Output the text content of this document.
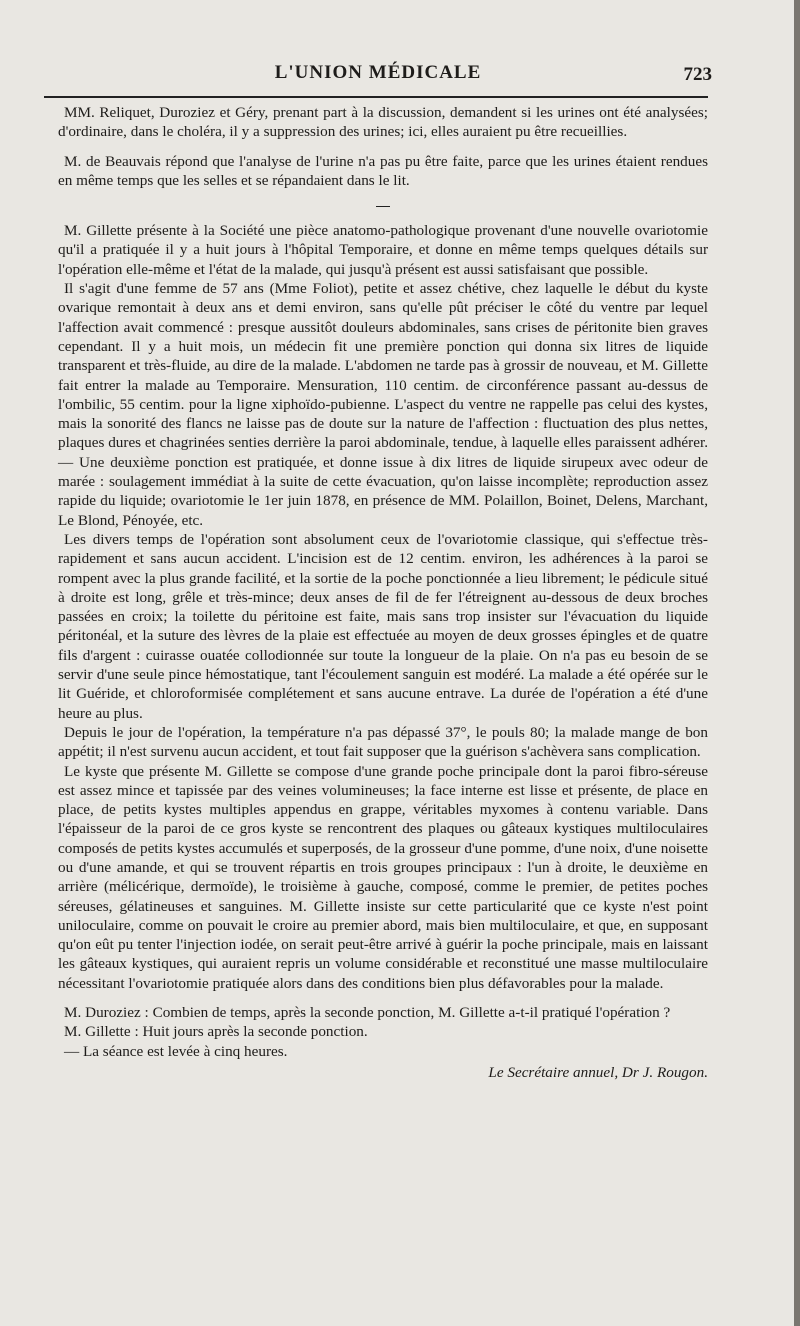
L'UNION MÉDICALE	723

MM. Reliquet, Duroziez et Géry, prenant part à la discussion, demandent si les urines ont été analysées; d'ordinaire, dans le choléra, il y a suppression des urines; ici, elles auraient pu être recueillies.

M. de Beauvais répond que l'analyse de l'urine n'a pas pu être faite, parce que les urines étaient rendues en même temps que les selles et se répandaient dans le lit.

M. Gillette présente à la Société une pièce anatomo-pathologique provenant d'une nouvelle ovariotomie qu'il a pratiquée il y a huit jours à l'hôpital Temporaire, et donne en même temps quelques détails sur l'opération elle-même et l'état de la malade, qui jusqu'à présent est aussi satisfaisant que possible.

Il s'agit d'une femme de 57 ans (Mme Foliot), petite et assez chétive, chez laquelle le début du kyste ovarique remontait à deux ans et demi environ, sans qu'elle pût préciser le côté du ventre par lequel l'affection avait commencé : presque aussitôt douleurs abdominales, sans crises de péritonite bien graves cependant. Il y a huit mois, un médecin fit une première ponction qui donna six litres de liquide transparent et très-fluide, au dire de la malade. L'abdomen ne tarde pas à grossir de nouveau, et M. Gillette fait entrer la malade au Temporaire. Mensuration, 110 centim. de circonférence passant au-dessus de l'ombilic, 55 centim. pour la ligne xiphoïdo-pubienne. L'aspect du ventre ne rappelle pas celui des kystes, mais la sonorité des flancs ne laisse pas de doute sur la nature de l'affection : fluctuation des plus nettes, plaques dures et chagrinées senties derrière la paroi abdominale, tendue, à laquelle elles paraissent adhérer. — Une deuxième ponction est pratiquée, et donne issue à dix litres de liquide sirupeux avec odeur de marée : soulagement immédiat à la suite de cette évacuation, qu'on laisse incomplète; reproduction assez rapide du liquide; ovariotomie le 1er juin 1878, en présence de MM. Polaillon, Boinet, Delens, Marchant, Le Blond, Pénoyée, etc.

Les divers temps de l'opération sont absolument ceux de l'ovariotomie classique, qui s'effectue très-rapidement et sans aucun accident. L'incision est de 12 centim. environ, les adhérences à la paroi se rompent avec la plus grande facilité, et la sortie de la poche ponctionnée a lieu librement; le pédicule situé à droite est long, grêle et très-mince; deux anses de fil de fer l'étreignent au-dessous de deux broches passées en croix; la toilette du péritoine est faite, mais sans trop insister sur l'évacuation du liquide péritonéal, et la suture des lèvres de la plaie est effectuée au moyen de deux grosses épingles et de quatre fils d'argent : cuirasse ouatée collodionnée sur toute la longueur de la plaie. On n'a pas eu besoin de se servir d'une seule pince hémostatique, tant l'écoulement sanguin est modéré. La malade a été opérée sur le lit Guéride, et chloroformisée complétement et sans aucune entrave. La durée de l'opération a été d'une heure au plus.

Depuis le jour de l'opération, la température n'a pas dépassé 37°, le pouls 80; la malade mange de bon appétit; il n'est survenu aucun accident, et tout fait supposer que la guérison s'achèvera sans complication.

Le kyste que présente M. Gillette se compose d'une grande poche principale dont la paroi fibro-séreuse est assez mince et tapissée par des veines volumineuses; la face interne est lisse et présente, de place en place, de petits kystes multiples appendus en grappe, véritables myxomes à contenu variable. Dans l'épaisseur de la paroi de ce gros kyste se rencontrent des plaques ou gâteaux kystiques multiloculaires composés de petits kystes accumulés et superposés, de la grosseur d'une pomme, d'une noix, d'une noisette ou d'une amande, et qui se trouvent répartis en trois groupes principaux : l'un à droite, le deuxième en arrière (mélicérique, dermoïde), le troisième à gauche, composé, comme le premier, de petites poches séreuses, gélatineuses et sanguines. M. Gillette insiste sur cette particularité que ce kyste n'est point uniloculaire, comme on pouvait le croire au premier abord, mais bien multiloculaire, et que, en supposant qu'on eût pu tenter l'injection iodée, on serait peut-être arrivé à guérir la poche principale, mais en laissant les gâteaux kystiques, qui auraient repris un volume considérable et reconstitué une masse multiloculaire nécessitant l'ovariotomie pratiquée alors dans des conditions bien plus défavorables pour la malade.

M. Duroziez : Combien de temps, après la seconde ponction, M. Gillette a-t-il pratiqué l'opération ?

M. Gillette : Huit jours après la seconde ponction.

— La séance est levée à cinq heures.

Le Secrétaire annuel, Dr J. Rougon.
